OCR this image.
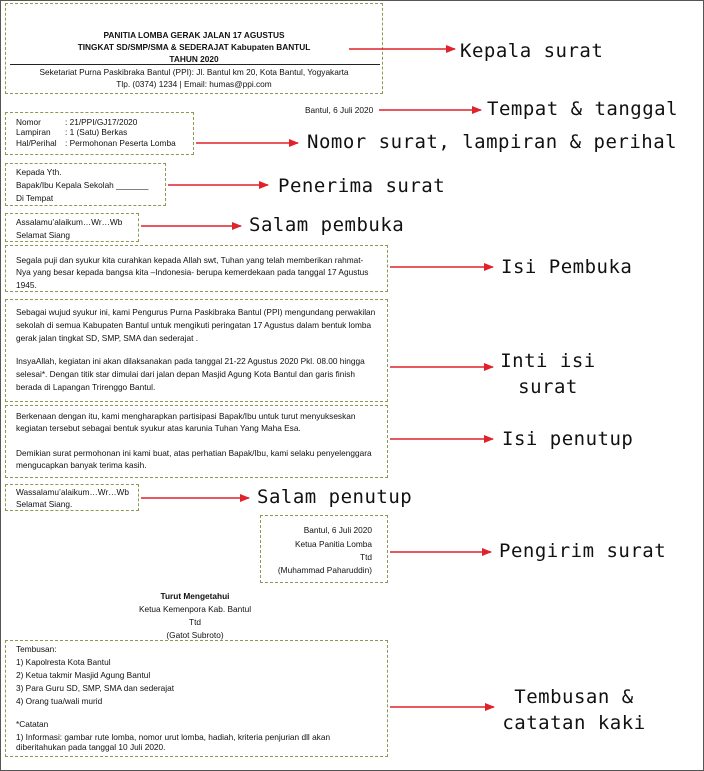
PANITIA LOMBA GERAK JALAN 17 AGUSTUS
TINGKAT SD/SMP/SMA & SEDERAJAT Kabupaten BANTUL
TAHUN 2020
Seketariat Purna Paskibraka Bantul (PPI): Jl. Bantul km 20, Kota Bantul, Yogyakarta
Tlp. (0374) 1234 | Email: humas@ppi.com
Bantul, 6 Juli 2020
Nomor	: 21/PPI/GJ17/2020
Lampiran	: 1 (Satu) Berkas
Hal/Perihal	: Permohonan Peserta Lomba
Kepada Yth.
Bapak/Ibu Kepala Sekolah _______
Di Tempat
Assalamu’alaikum…Wr…Wb
Selamat Siang
Segala puji dan syukur kita curahkan kepada Allah swt, Tuhan yang telah memberikan rahmat-Nya yang besar kepada bangsa kita –Indonesia- berupa kemerdekaan pada tanggal 17 Agustus 1945.
Sebagai wujud syukur ini, kami Pengurus Purna Paskibraka Bantul (PPI) mengundang perwakilan sekolah di semua Kabupaten Bantul untuk mengikuti peringatan 17 Agustus dalam bentuk lomba gerak jalan tingkat SD, SMP, SMA dan sederajat .
InsyaAllah, kegiatan ini akan dilaksanakan pada tanggal 21-22 Agustus 2020 Pkl. 08.00 hingga selesai*. Dengan titik star dimulai dari jalan depan Masjid Agung Kota Bantul dan garis finish berada di Lapangan Trirenggo Bantul.
Berkenaan dengan itu, kami mengharapkan partisipasi Bapak/Ibu untuk turut menyukseskan kegiatan tersebut sebagai bentuk syukur atas karunia Tuhan Yang Maha Esa.
Demikian surat permohonan ini kami buat, atas perhatian Bapak/Ibu, kami selaku penyelenggara mengucapkan banyak terima kasih.
Wassalamu’alaikum…Wr…Wb
Selamat Siang.
Bantul, 6 Juli 2020
Ketua Panitia Lomba
Ttd
(Muhammad Paharuddin)
Turut Mengetahui
Ketua Kemenpora Kab. Bantul
Ttd
(Gatot Subroto)
Tembusan:
1) Kapolresta Kota Bantul
2) Ketua takmir Masjid Agung Bantul
3) Para Guru SD, SMP, SMA dan sederajat
4) Orang tua/wali murid
*Catatan
1) Informasi: gambar rute lomba, nomor urut lomba, hadiah, kriteria penjurian dll akan diberitahukan pada tanggal 10 Juli 2020.
Kepala surat
Tempat & tanggal
Nomor surat, lampiran & perihal
Penerima surat
Salam pembuka
Isi Pembuka
Inti isi
surat
Isi penutup
Salam penutup
Pengirim surat
Tembusan &
catatan kaki
